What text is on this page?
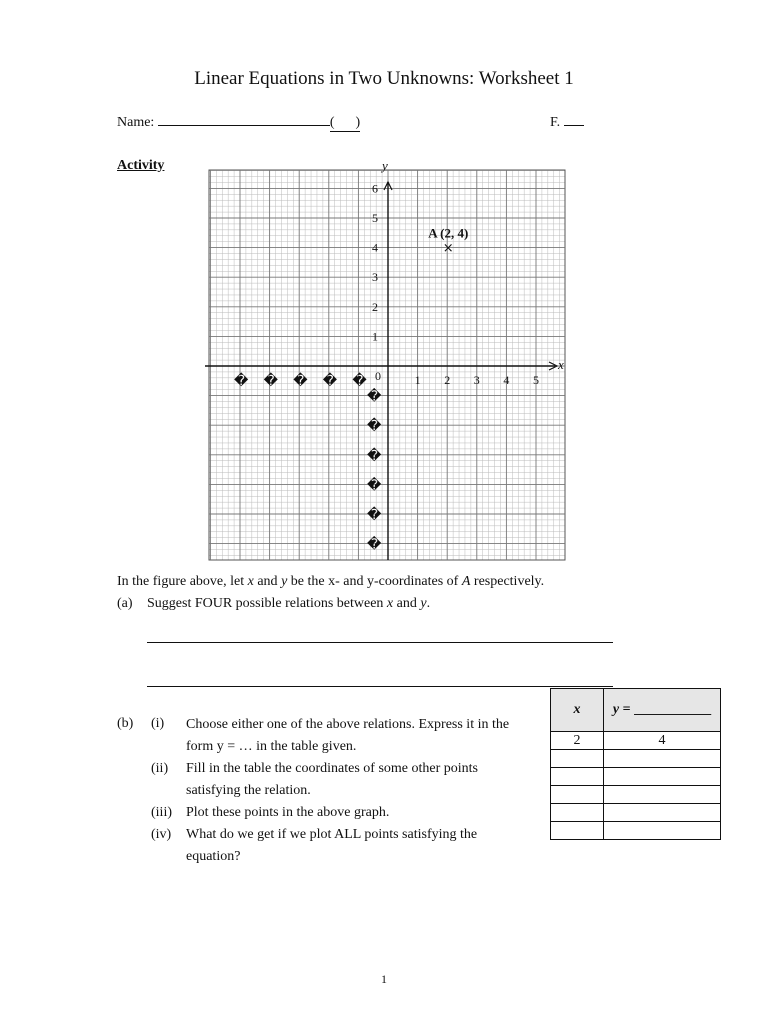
Linear Equations in Two Unknowns: Worksheet 1
Name:	(      )	F.
Activity
x
y
0	1 2 3 4 5
1
2
3
4
5
6
� � � � �
�
�
�
�
�
�
×
A (2, 4)
In the figure above, let x and y be the x- and y-coordinates of A respectively.
(a) Suggest FOUR possible relations between x and y.
(b) (i) Choose either one of the above relations. Express it in the form y = … in the table given.
(ii) Fill in the table the coordinates of some other points satisfying the relation.
(iii) Plot these points in the above graph.
(iv) What do we get if we plot ALL points satisfying the equation?
x	y = ___________
2	4

1
